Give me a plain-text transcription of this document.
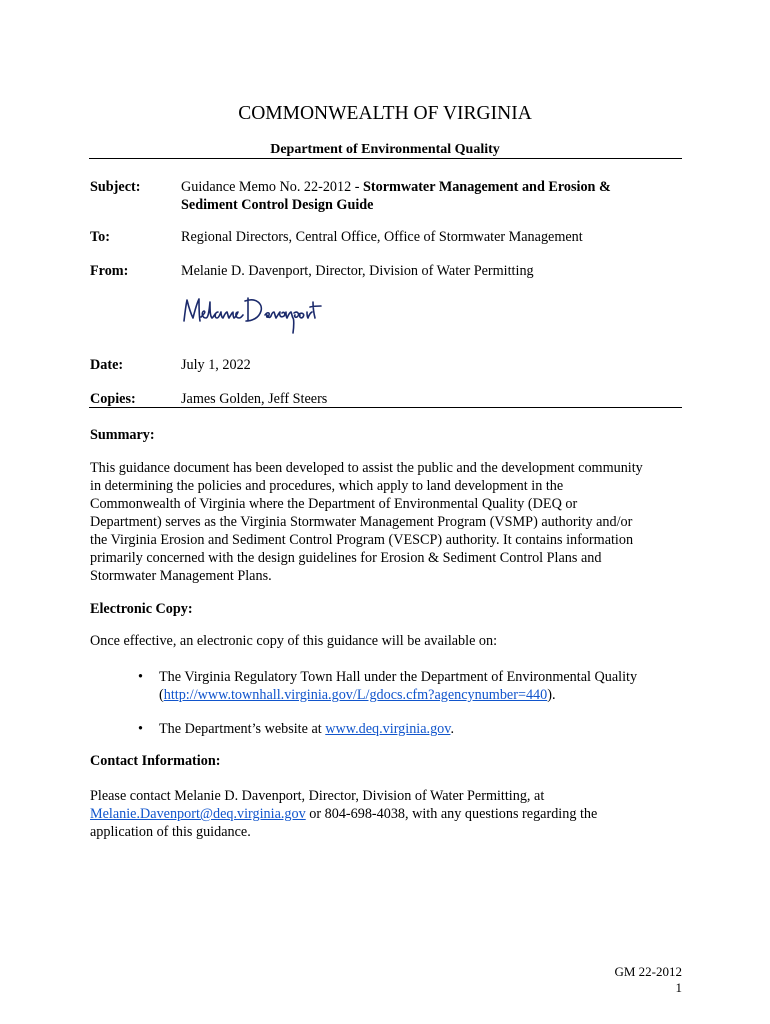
COMMONWEALTH OF VIRGINIA
Department of Environmental Quality
Subject:	Guidance Memo No. 22-2012 - Stormwater Management and Erosion &
Sediment Control Design Guide
To:	Regional Directors, Central Office, Office of Stormwater Management
From:	Melanie D. Davenport, Director, Division of Water Permitting
Date:	July 1, 2022
Copies:	James Golden, Jeff Steers
Summary:
This guidance document has been developed to assist the public and the development community
in determining the policies and procedures, which apply to land development in the
Commonwealth of Virginia where the Department of Environmental Quality (DEQ or
Department) serves as the Virginia Stormwater Management Program (VSMP) authority and/or
the Virginia Erosion and Sediment Control Program (VESCP) authority. It contains information
primarily concerned with the design guidelines for Erosion & Sediment Control Plans and
Stormwater Management Plans.
Electronic Copy:
Once effective, an electronic copy of this guidance will be available on:
• The Virginia Regulatory Town Hall under the Department of Environmental Quality
(http://www.townhall.virginia.gov/L/gdocs.cfm?agencynumber=440).
• The Department’s website at www.deq.virginia.gov.
Contact Information:
Please contact Melanie D. Davenport, Director, Division of Water Permitting, at
Melanie.Davenport@deq.virginia.gov or 804-698-4038, with any questions regarding the
application of this guidance.
GM 22-2012
1
